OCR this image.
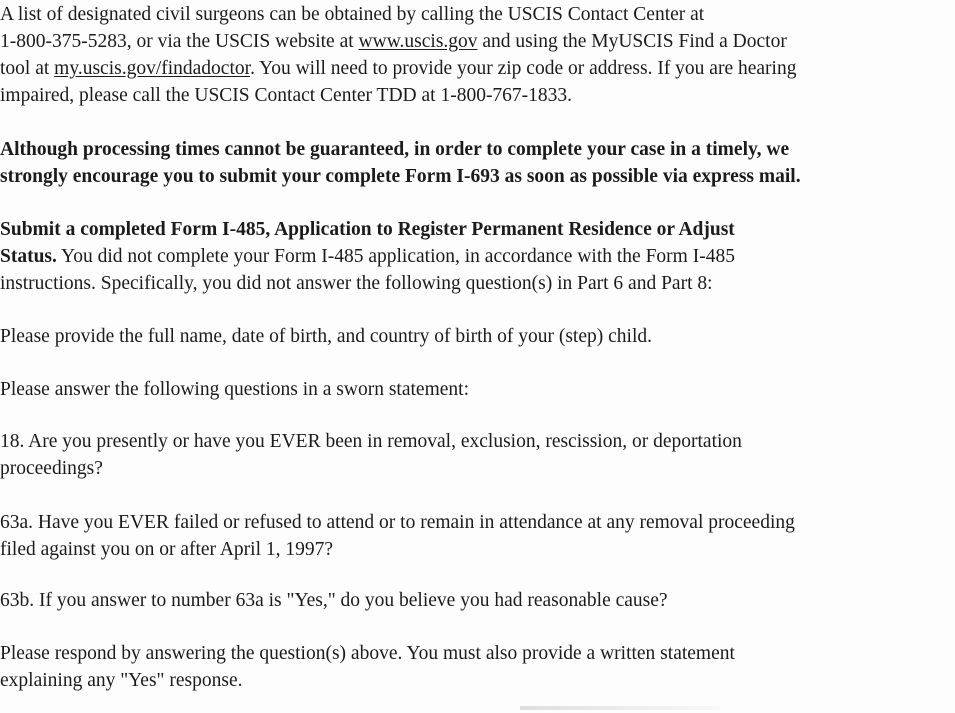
A list of designated civil surgeons can be obtained by calling the USCIS Contact Center at
1-800-375-5283, or via the USCIS website at www.uscis.gov and using the MyUSCIS Find a Doctor
tool at my.uscis.gov/findadoctor. You will need to provide your zip code or address. If you are hearing
impaired, please call the USCIS Contact Center TDD at 1-800-767-1833.
Although processing times cannot be guaranteed, in order to complete your case in a timely, we
strongly encourage you to submit your complete Form I-693 as soon as possible via express mail.
Submit a completed Form I-485, Application to Register Permanent Residence or Adjust
Status. You did not complete your Form I-485 application, in accordance with the Form I-485
instructions. Specifically, you did not answer the following question(s) in Part 6 and Part 8:
Please provide the full name, date of birth, and country of birth of your (step) child.
Please answer the following questions in a sworn statement:
18. Are you presently or have you EVER been in removal, exclusion, rescission, or deportation
proceedings?
63a. Have you EVER failed or refused to attend or to remain in attendance at any removal proceeding
filed against you on or after April 1, 1997?
63b. If you answer to number 63a is "Yes," do you believe you had reasonable cause?
Please respond by answering the question(s) above. You must also provide a written statement
explaining any "Yes" response.
